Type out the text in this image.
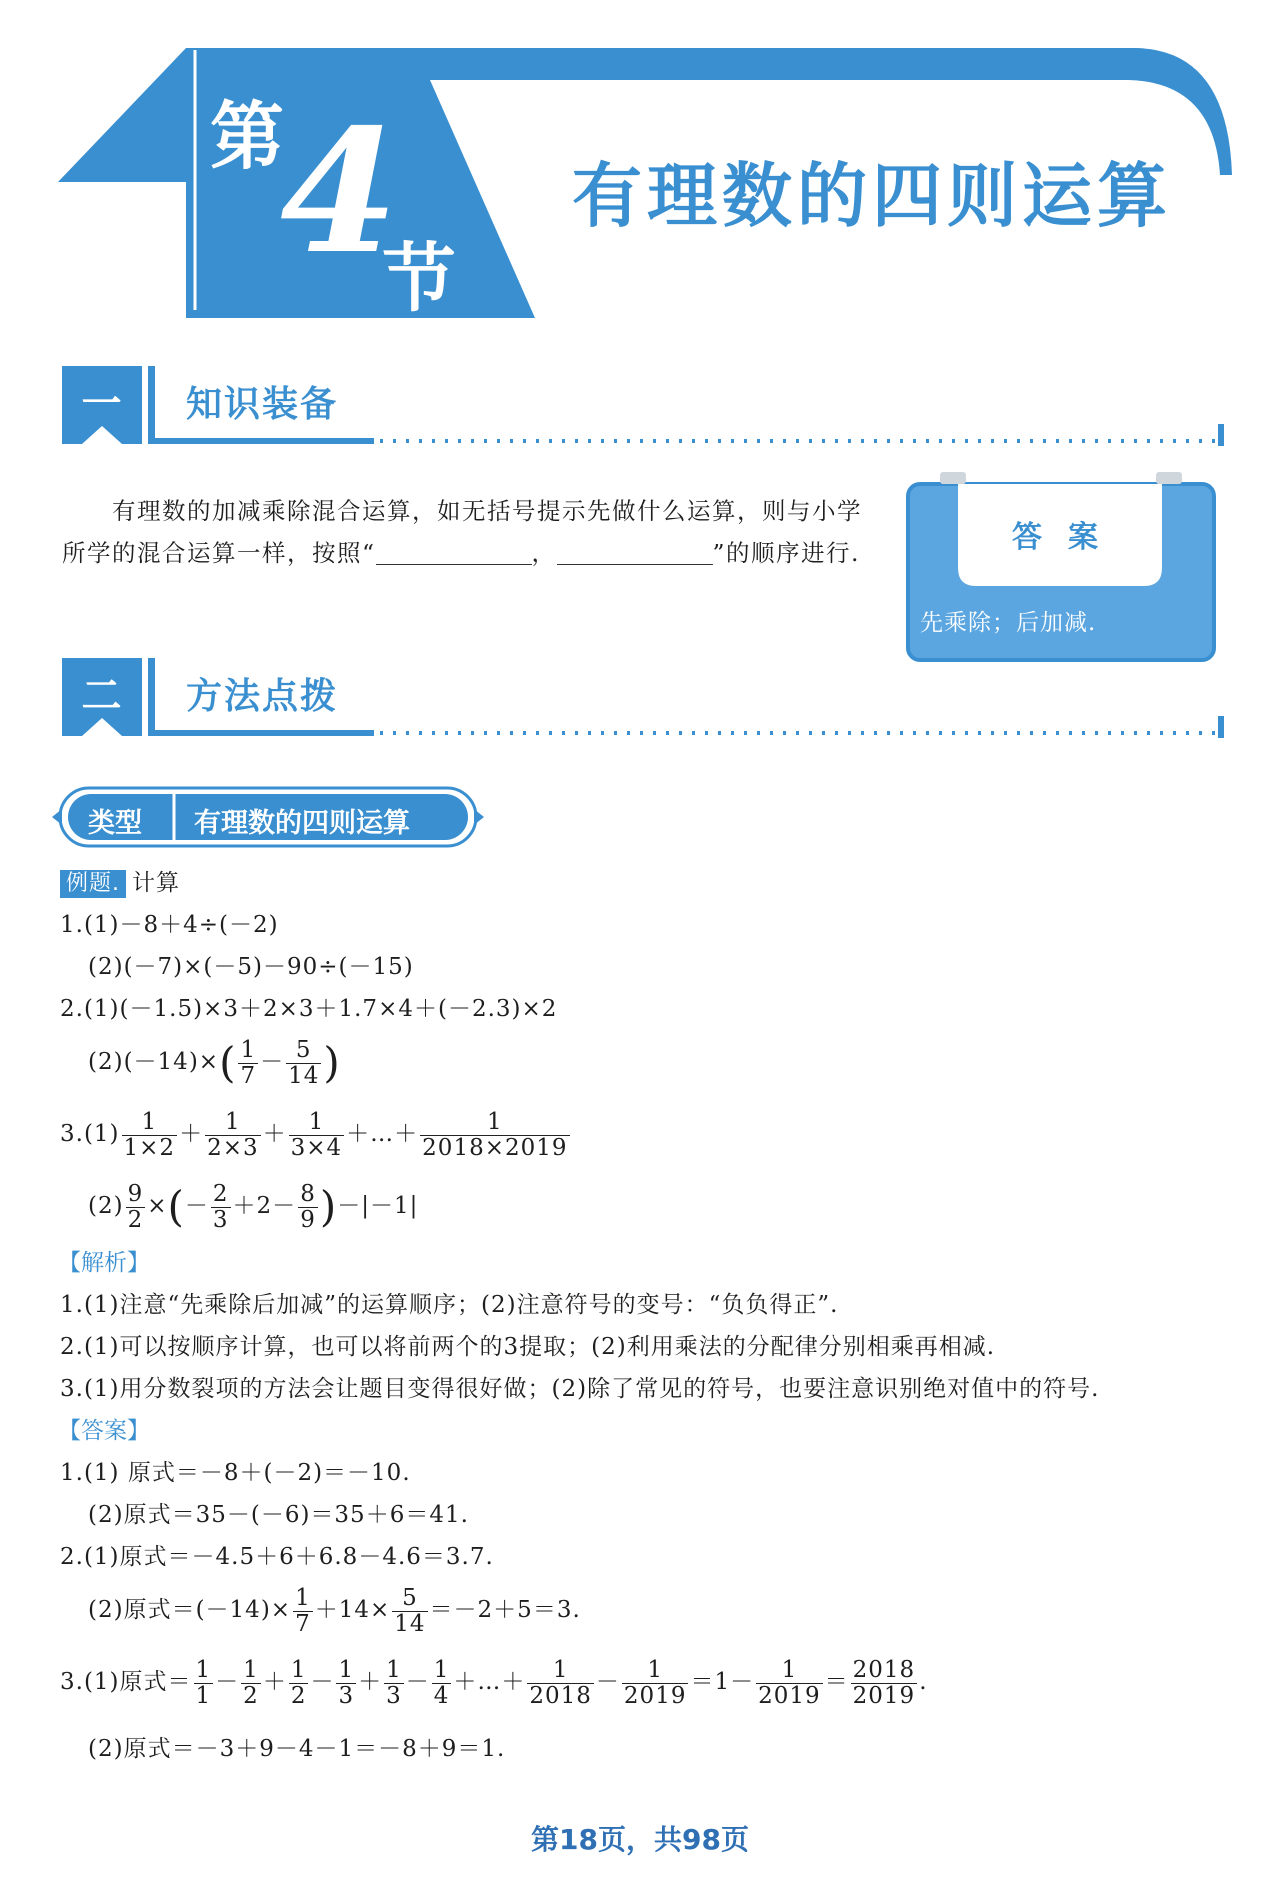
第
4
节
有理数的四则运算
一	知识装备
有理数的加减乘除混合运算，如无括号提示先做什么运算，则与小学
所学的混合运算一样，按照“	，	”的顺序进行.	答案
先乘除；后加减.
二	方法点拨
类型 有理数的四则运算
例题. 计算
1.(1)－8＋4÷(－2)
(2)(－7)×(－5)－90÷(－15)
2.(1)(－1.5)×3＋2×3＋1.7×4＋(－2.3)×2
$(2)(-14)\times( \frac{1}{7} - \frac{5}{14}$ )
$3.(1) \frac{1}{1\times 2} + \frac{1}{2\times 3} + \frac{1}{3\times 4}$ ＋…＋ $\frac{1}{2018\times 2019}$
$(2) \frac{9}{2}$ ×(－ $\frac{2}{3} +2- \frac{8}{9} )-|-1|$
【解析】
1.(1)注意“先乘除后加减”的运算顺序；(2)注意符号的变号：“负负得正”.
2.(1)可以按顺序计算，也可以将前两个的3提取；(2)利用乘法的分配律分别相乘再相减.
3.(1)用分数裂项的方法会让题目变得很好做；(2)除了常见的符号，也要注意识别绝对值中的符号.
【答案】
1.(1) 原式＝－8＋(－2)＝－10.
(2)原式＝35－(－6)＝35＋6＝41.
2.(1)原式＝－4.5＋6＋6.8－4.6＝3.7.
(2)原式$=(-14)\times \frac{1}{7} +14\times \frac{5}{14} =-2+5=3$.
3.(1)原式＝ $\frac{1}{1} - \frac{1}{2} + \frac{1}{2} - \frac{1}{3} + \frac{1}{3} - \frac{1}{4}$ ＋…＋ $\frac{1}{2018} - \frac{1}{2019} =1- \frac{1}{2019} = \frac{2018}{2019}$ .
(2)原式＝－3＋9－4－1＝－8＋9＝1.
第18页，共98页
